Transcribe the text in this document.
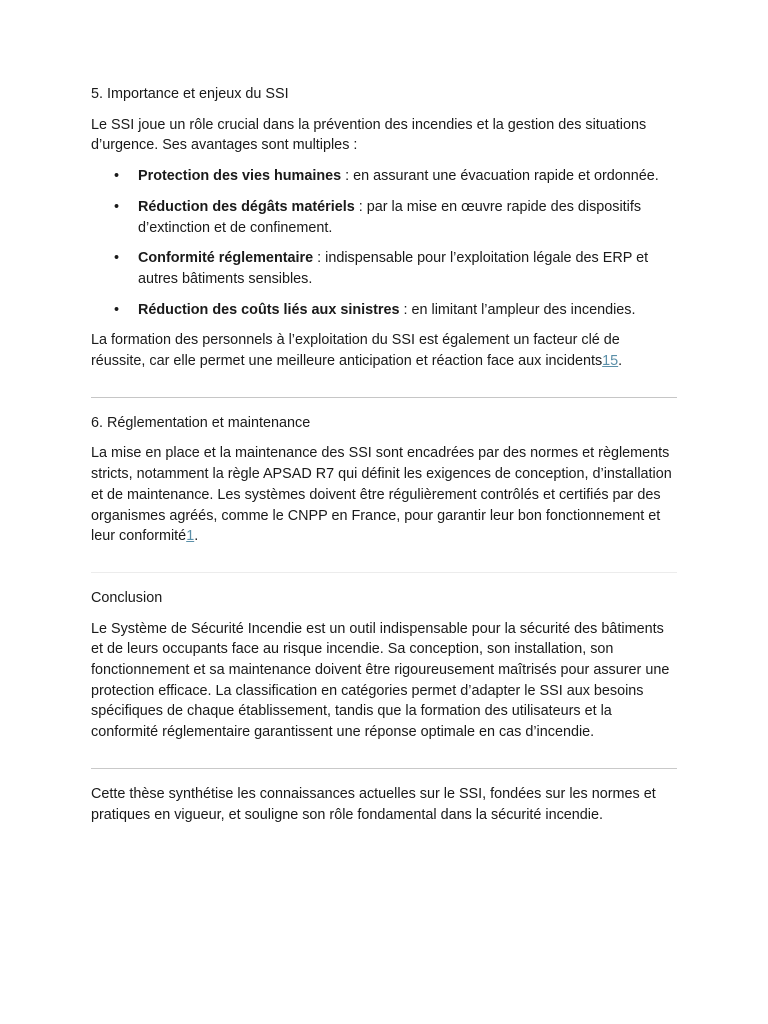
5. Importance et enjeux du SSI

Le SSI joue un rôle crucial dans la prévention des incendies et la gestion des situations d’urgence. Ses avantages sont multiples :

• Protection des vies humaines : en assurant une évacuation rapide et ordonnée.
• Réduction des dégâts matériels : par la mise en œuvre rapide des dispositifs d’extinction et de confinement.
• Conformité réglementaire : indispensable pour l’exploitation légale des ERP et autres bâtiments sensibles.
• Réduction des coûts liés aux sinistres : en limitant l’ampleur des incendies.

La formation des personnels à l’exploitation du SSI est également un facteur clé de réussite, car elle permet une meilleure anticipation et réaction face aux incidents15.

6. Réglementation et maintenance

La mise en place et la maintenance des SSI sont encadrées par des normes et règlements stricts, notamment la règle APSAD R7 qui définit les exigences de conception, d’installation et de maintenance. Les systèmes doivent être régulièrement contrôlés et certifiés par des organismes agréés, comme le CNPP en France, pour garantir leur bon fonctionnement et leur conformité1.

Conclusion

Le Système de Sécurité Incendie est un outil indispensable pour la sécurité des bâtiments et de leurs occupants face au risque incendie. Sa conception, son installation, son fonctionnement et sa maintenance doivent être rigoureusement maîtrisés pour assurer une protection efficace. La classification en catégories permet d’adapter le SSI aux besoins spécifiques de chaque établissement, tandis que la formation des utilisateurs et la conformité réglementaire garantissent une réponse optimale en cas d’incendie.

Cette thèse synthétise les connaissances actuelles sur le SSI, fondées sur les normes et pratiques en vigueur, et souligne son rôle fondamental dans la sécurité incendie.
